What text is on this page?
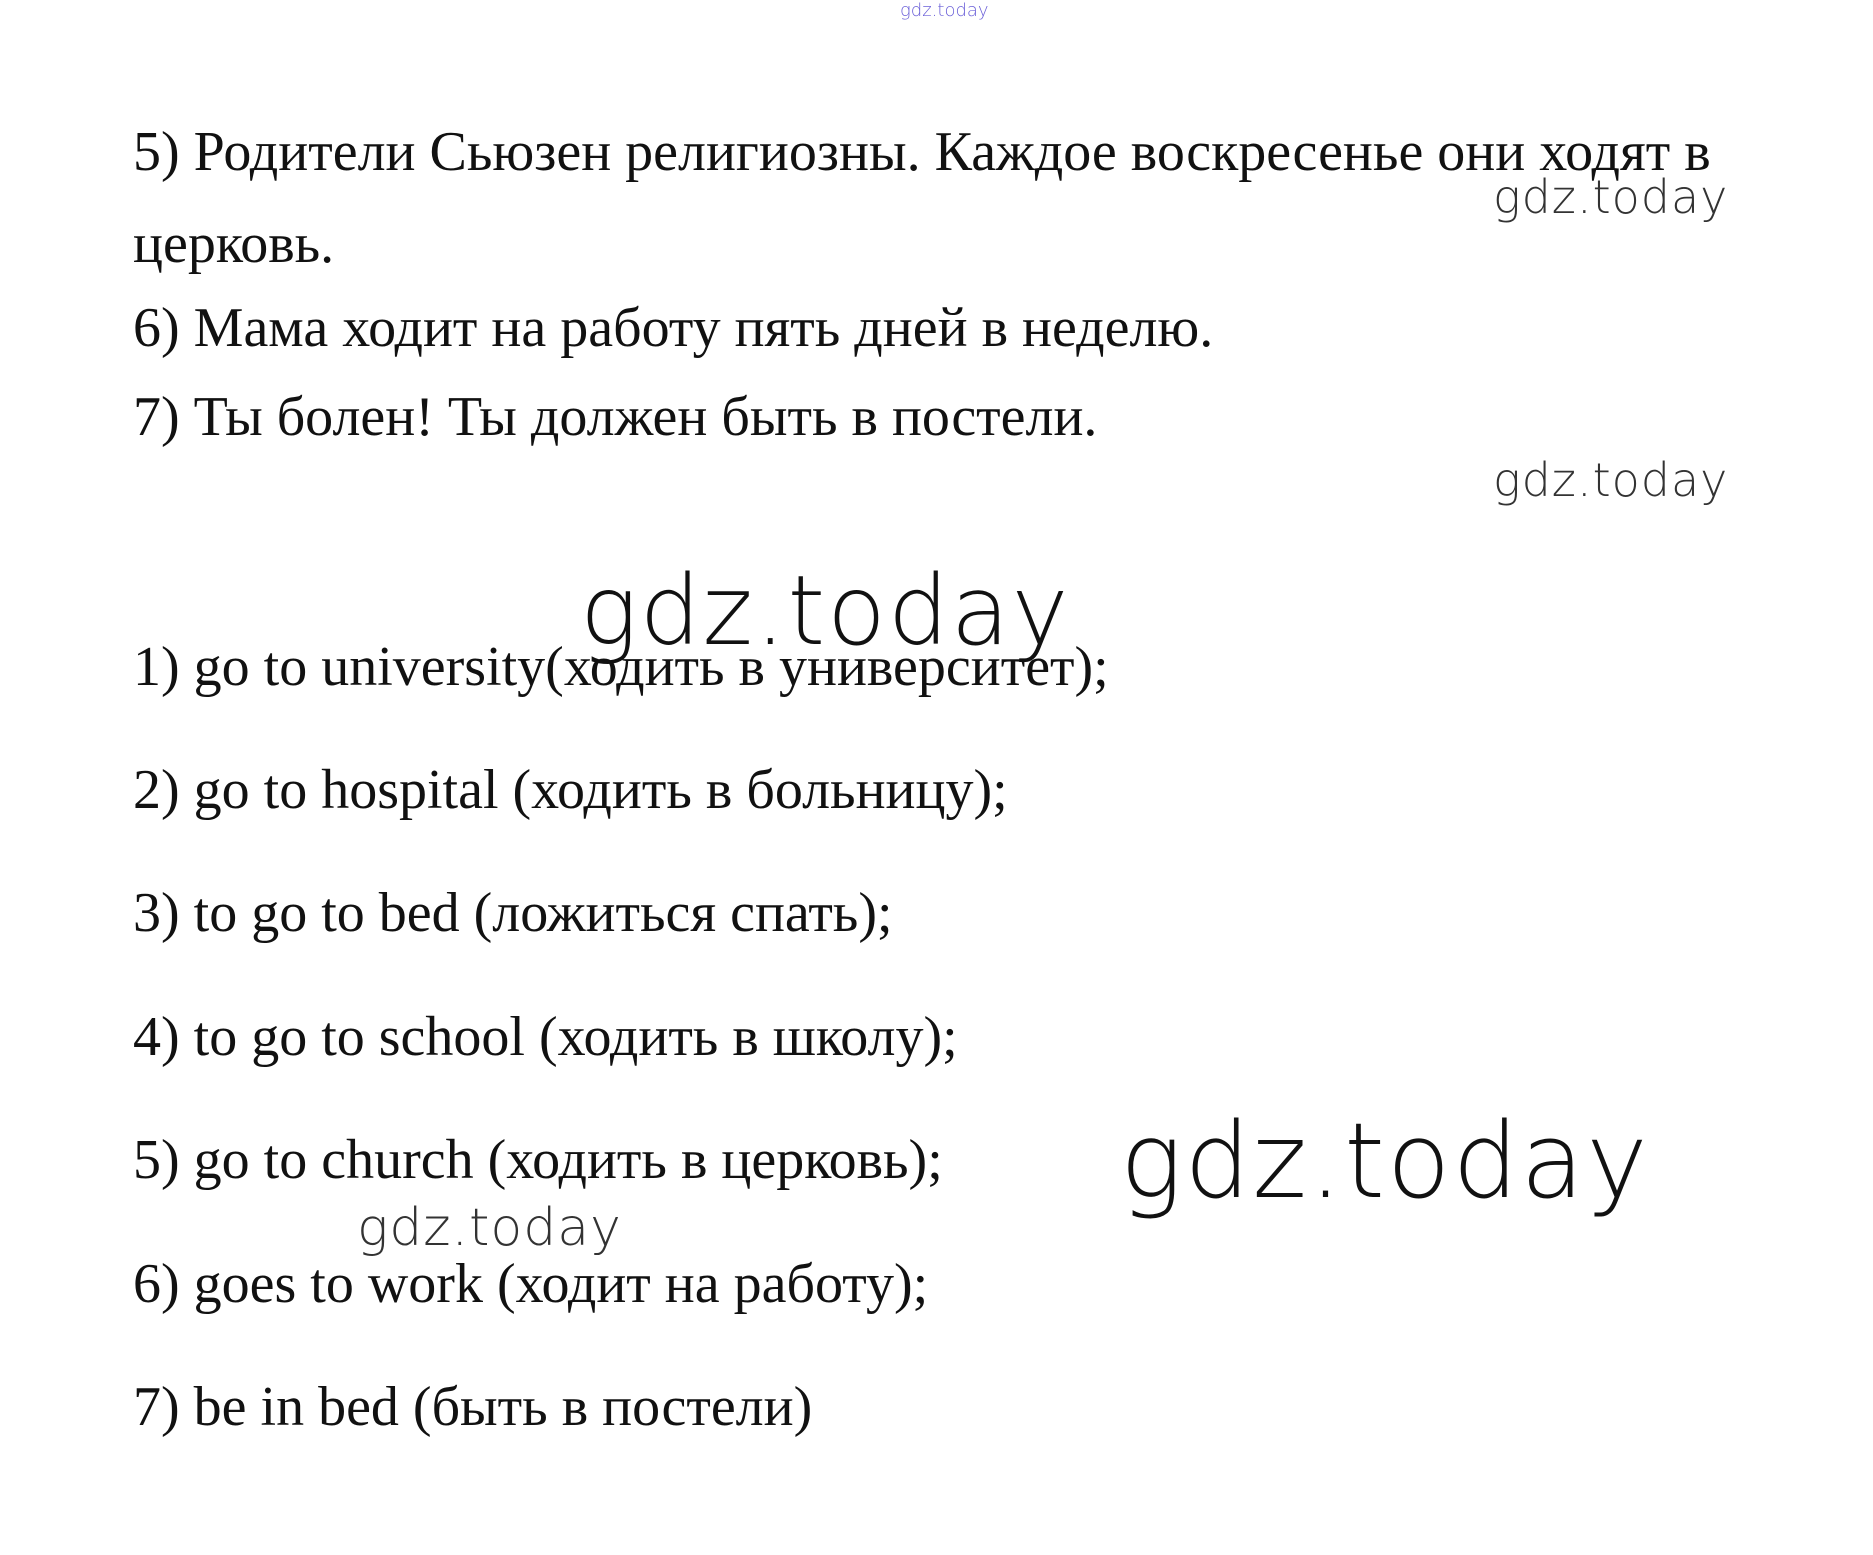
gdz.today
5) Родители Сьюзен религиозны. Каждое воскресенье они ходят в
gdz.today
церковь.
6) Мама ходит на работу пять дней в неделю.
7) Ты болен! Ты должен быть в постели.
gdz.today
gdz.today
1) go to university(ходить в университет);
2) go to hospital (ходить в больницу);
3) to go to bed (ложиться спать);
4) to go to school (ходить в школу);
gdz.today
5) go to church (ходить в церковь);
gdz.today
6) goes to work (ходит на работу);
7) be in bed (быть в постели)
